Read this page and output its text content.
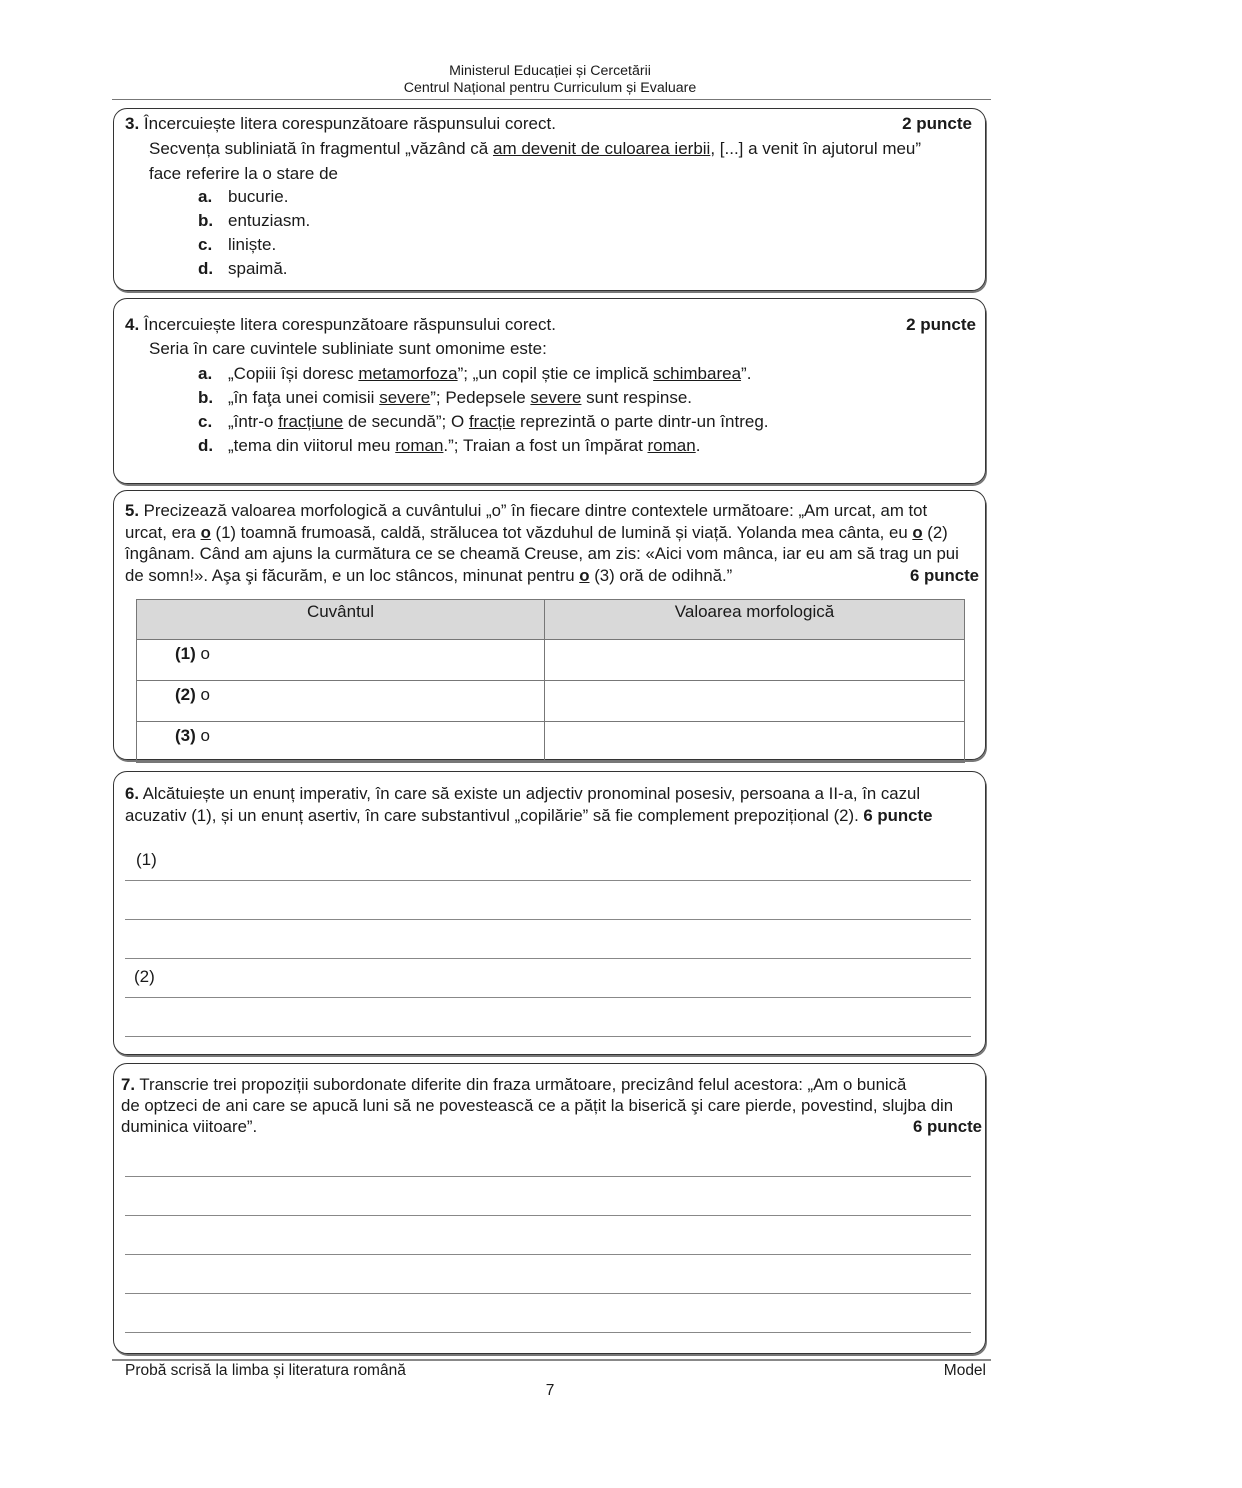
Ministerul Educației și Cercetării
Centrul Național pentru Curriculum și Evaluare
3. Încercuiește litera corespunzătoare răspunsului corect.	2 puncte
Secvența subliniată în fragmentul „văzând că am devenit de culoarea ierbii, [...] a venit în ajutorul meu”
face referire la o stare de
a. bucurie.
b. entuziasm.
c. liniște.
d. spaimă.
4. Încercuiește litera corespunzătoare răspunsului corect.	2 puncte
Seria în care cuvintele subliniate sunt omonime este:
a. „Copiii își doresc metamorfoza”; „un copil știe ce implică schimbarea”.
b. „în faţa unei comisii severe”; Pedepsele severe sunt respinse.
c. „într-o fracțiune de secundă”; O fracție reprezintă o parte dintr-un întreg.
d. „tema din viitorul meu roman.”; Traian a fost un împărat roman.
5. Precizează valoarea morfologică a cuvântului „o” în fiecare dintre contextele următoare: „Am urcat, am tot
urcat, era o (1) toamnă frumoasă, caldă, strălucea tot văzduhul de lumină și viață. Yolanda mea cânta, eu o (2)
îngânam. Când am ajuns la curmătura ce se cheamă Creuse, am zis: «Aici vom mânca, iar eu am să trag un pui
de somn!». Aşa şi făcurăm, e un loc stâncos, minunat pentru o (3) oră de odihnă.”	6 puncte
Cuvântul	Valoarea morfologică
(1) o	
(2) o	
(3) o	
6. Alcătuiește un enunț imperativ, în care să existe un adjectiv pronominal posesiv, persoana a II-a, în cazul
acuzativ (1), și un enunț asertiv, în care substantivul „copilărie” să fie complement prepozițional (2). 6 puncte
(1)
(2)
7. Transcrie trei propoziții subordonate diferite din fraza următoare, precizând felul acestora: „Am o bunică
de optzeci de ani care se apucă luni să ne povestească ce a pățit la biserică şi care pierde, povestind, slujba din
duminica viitoare”.	6 puncte
Probă scrisă la limba și literatura română	Model
7
